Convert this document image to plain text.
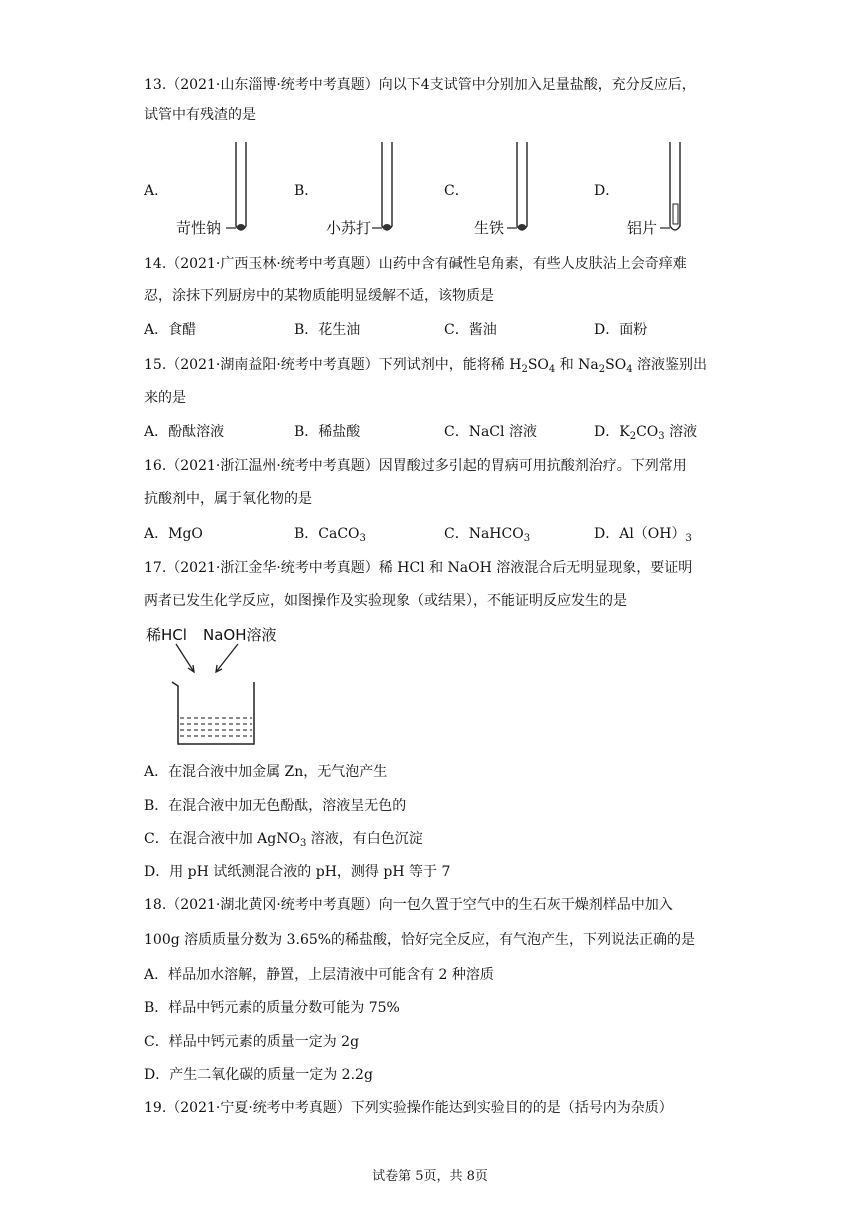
13.（2021·山东淄博·统考中考真题）向以下4支试管中分别加入足量盐酸，充分反应后，
试管中有残渣的是
A．	B．	C．	D．
苛性钠	小苏打	生铁	铝片
14.（2021·广西玉林·统考中考真题）山药中含有碱性皂角素，有些人皮肤沾上会奇痒难
忍，涂抹下列厨房中的某物质能明显缓解不适，该物质是
A．食醋	B．花生油	C．酱油	D．面粉
15.（2021·湖南益阳·统考中考真题）下列试剂中，能将稀 $H_2SO_4$ 和 $Na_2SO_4$ 溶液鉴别出
来的是
A．酚酞溶液	B．稀盐酸	C．NaCl 溶液	D．$K_2CO_3$ 溶液
16.（2021·浙江温州·统考中考真题）因胃酸过多引起的胃病可用抗酸剂治疗。下列常用
抗酸剂中，属于氧化物的是
A．MgO	B．CaCO$_3$	C．NaHCO$_3$	D．$Al(OH)_3$
17.（2021·浙江金华·统考中考真题）稀 HCl 和 NaOH 溶液混合后无明显现象，要证明
两者已发生化学反应，如图操作及实验现象（或结果），不能证明反应发生的是
稀HCl NaOH溶液
A．在混合液中加金属 Zn，无气泡产生
B．在混合液中加无色酚酞，溶液呈无色的
C．在混合液中加 AgNO$_3$ 溶液，有白色沉淀
D．用 pH 试纸测混合液的 pH，测得 pH 等于 7
18.（2021·湖北黄冈·统考中考真题）向一包久置于空气中的生石灰干燥剂样品中加入
100g 溶质质量分数为 3.65%的稀盐酸，恰好完全反应，有气泡产生，下列说法正确的是
A．样品加水溶解，静置，上层清液中可能含有 2 种溶质
B．样品中钙元素的质量分数可能为 75%
C．样品中钙元素的质量一定为 2g
D．产生二氧化碳的质量一定为 2.2g
19.（2021·宁夏·统考中考真题）下列实验操作能达到实验目的的是（括号内为杂质）
试卷第 5页，共 8页
